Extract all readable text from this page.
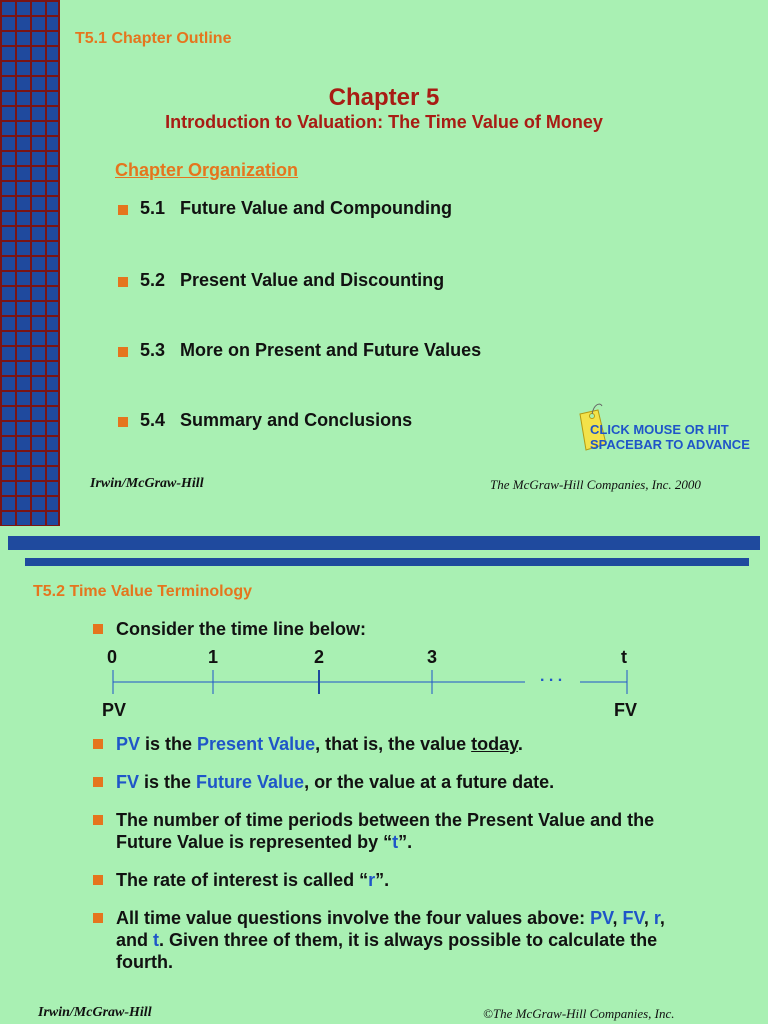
T5.1 Chapter Outline
Chapter 5
Introduction to Valuation: The Time Value of Money
Chapter Organization
5.1   Future Value and Compounding
5.2   Present Value and Discounting
5.3   More on Present and Future Values
5.4   Summary and Conclusions	CLICK MOUSE OR HIT
SPACEBAR TO ADVANCE
Irwin/McGraw-Hill	The McGraw-Hill Companies, Inc. 2000
T5.2 Time Value Terminology
Consider the time line below:
0	1	2	3	t
. . .
PV	FV
PV is the Present Value, that is, the value today.
FV is the Future Value, or the value at a future date.
The number of time periods between the Present Value and the Future Value is represented by “t”.
The rate of interest is called “r”.
All time value questions involve the four values above: PV, FV, r, and t. Given three of them, it is always possible to calculate the fourth.
Irwin/McGraw-Hill	©The McGraw-Hill Companies, Inc.
